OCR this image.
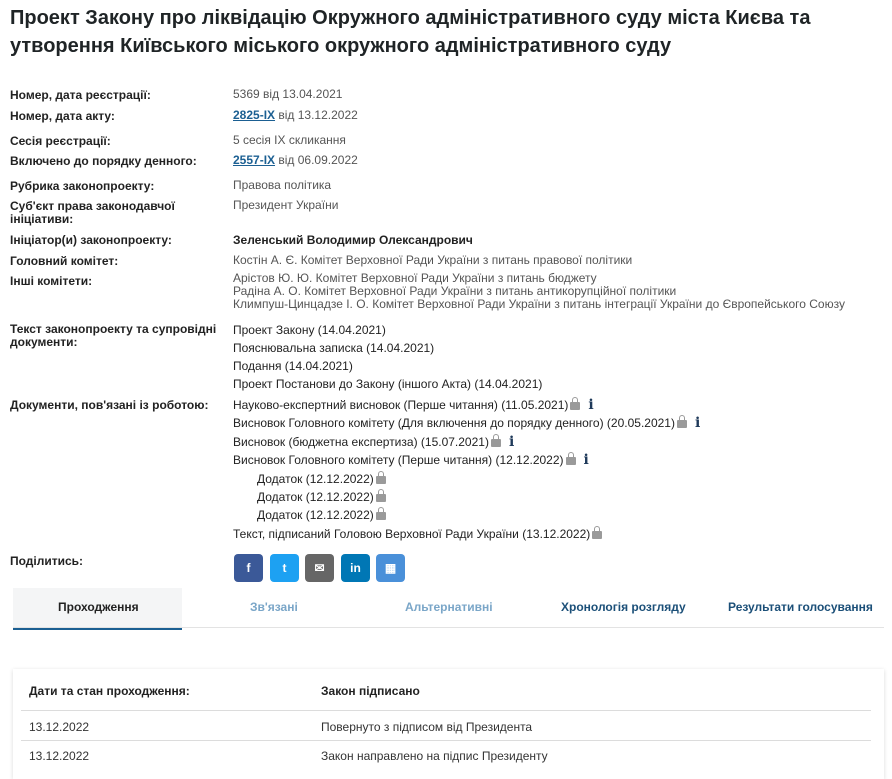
Проект Закону про ліквідацію Окружного адміністративного суду міста Києва та утворення Київського міського окружного адміністративного суду
Номер, дата реєстрації:	5369 від 13.04.2021
Номер, дата акту:	2825-IX від 13.12.2022
Сесія реєстрації:	5 сесія IX скликання
Включено до порядку денного:	2557-IX від 06.09.2022
Рубрика законопроекту:	Правова політика
Суб'єкт права законодавчої ініціативи:
Президент України
Ініціатор(и) законопроекту:	Зеленський Володимир Олександрович
Головний комітет:	Костін А. Є. Комітет Верховної Ради України з питань правової політики
Інші комітети:	Арістов Ю. Ю. Комітет Верховної Ради України з питань бюджету
Радіна А. О. Комітет Верховної Ради України з питань антикорупційної політики
Климпуш-Цинцадзе І. О. Комітет Верховної Ради України з питань інтеграції України до Європейського Союзу
Текст законопроекту та супровідні документи:
Проект Закону (14.04.2021)
Пояснювальна записка (14.04.2021)
Подання (14.04.2021)
Проект Постанови до Закону (іншого Акта) (14.04.2021)
Документи, пов'язані із роботою:	Науково-експертний висновок (Перше читання) (11.05.2021) i
Висновок Головного комітету (Для включення до порядку денного) (20.05.2021) i
Висновок (бюджетна експертиза) (15.07.2021) i
Висновок Головного комітету (Перше читання) (12.12.2022) i
Додаток (12.12.2022)
Додаток (12.12.2022)
Додаток (12.12.2022)
Текст, підписаний Головою Верховної Ради України (13.12.2022)
Поділитись:	f	t	✉	in	▦
Проходження	Зв'язані	Альтернативні	Хронологія розгляду	Результати голосування
Дати та стан проходження:	Закон підписано
13.12.2022	Повернуто з підписом від Президента
13.12.2022	Закон направлено на підпис Президенту
